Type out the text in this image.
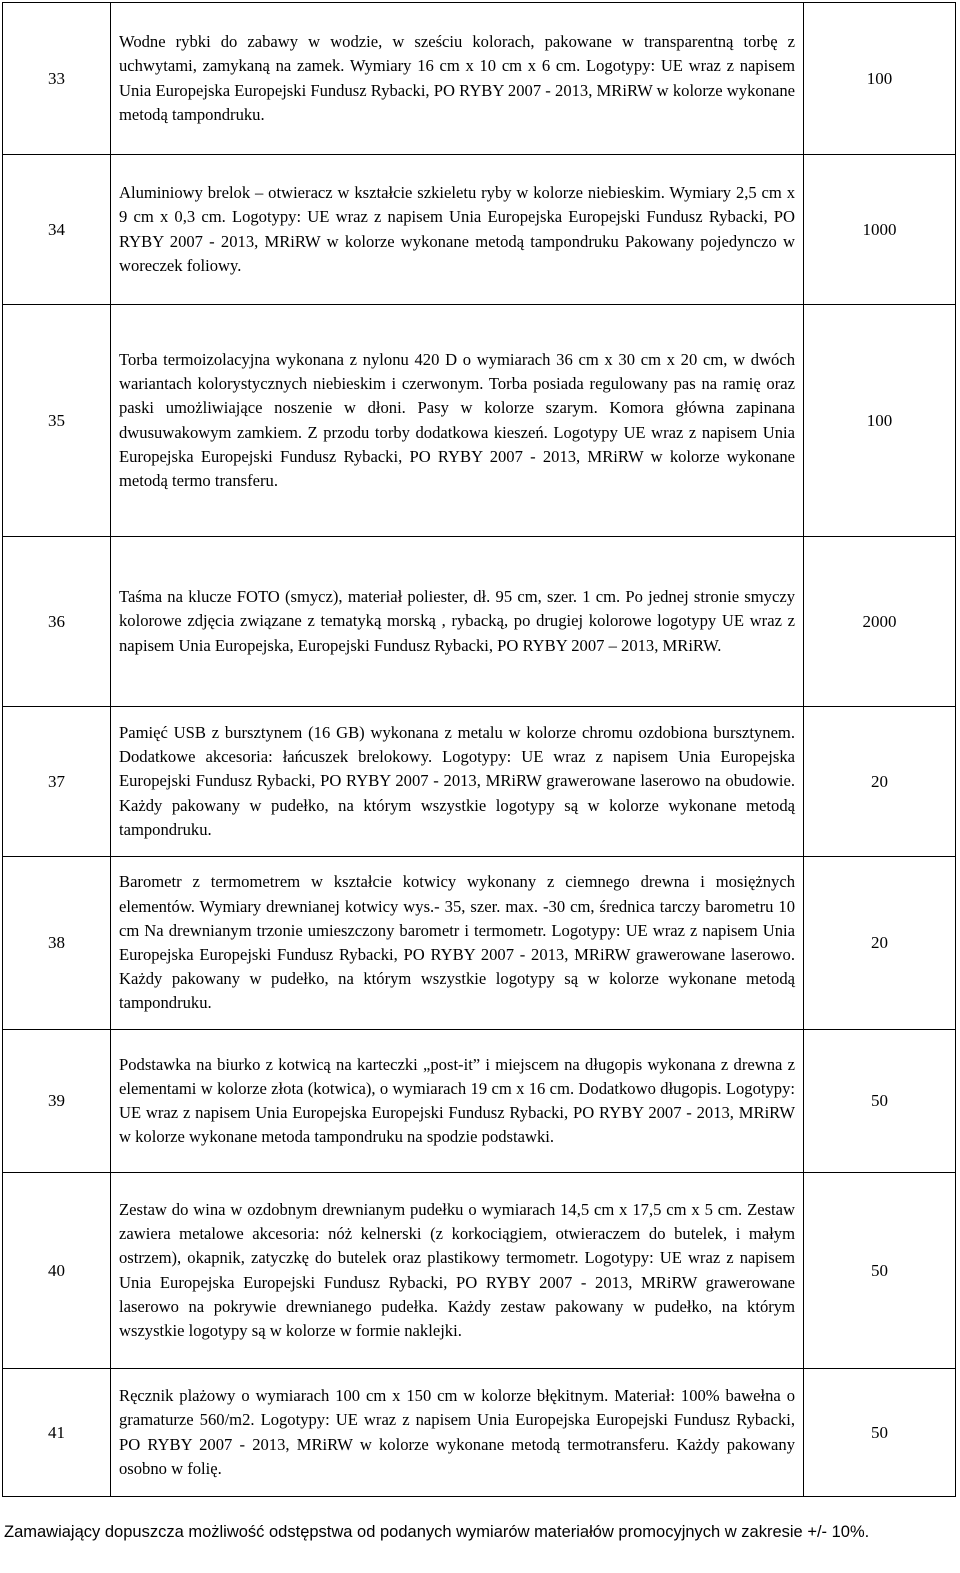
33	Wodne rybki do zabawy w wodzie, w sześciu kolorach, pakowane w transparentną torbę z uchwytami, zamykaną na zamek. Wymiary 16 cm x 10 cm x 6 cm. Logotypy: UE wraz z napisem Unia Europejska Europejski Fundusz Rybacki, PO RYBY 2007 - 2013, MRiRW w kolorze wykonane metodą tampondruku.	100
34	Aluminiowy brelok – otwieracz w kształcie szkieletu ryby w kolorze niebieskim. Wymiary 2,5 cm x 9 cm x 0,3 cm. Logotypy: UE wraz z napisem Unia Europejska Europejski Fundusz Rybacki, PO RYBY 2007 - 2013, MRiRW w kolorze wykonane metodą tampondruku Pakowany pojedynczo w woreczek foliowy.	1000
35	Torba termoizolacyjna wykonana z nylonu 420 D o wymiarach 36 cm x 30 cm x 20 cm, w dwóch wariantach kolorystycznych niebieskim i czerwonym. Torba posiada regulowany pas na ramię oraz paski umożliwiające noszenie w dłoni. Pasy w kolorze szarym. Komora główna zapinana dwusuwakowym zamkiem. Z przodu torby dodatkowa kieszeń. Logotypy UE wraz z napisem Unia Europejska Europejski Fundusz Rybacki, PO RYBY 2007 - 2013, MRiRW w kolorze wykonane metodą termo transferu.	100
36	Taśma na klucze FOTO (smycz), materiał poliester, dł. 95 cm, szer. 1 cm. Po jednej stronie smyczy kolorowe zdjęcia związane z tematyką morską , rybacką, po drugiej kolorowe logotypy UE wraz z napisem Unia Europejska, Europejski Fundusz Rybacki, PO RYBY 2007 – 2013, MRiRW.	2000
37	Pamięć USB z bursztynem (16 GB) wykonana z metalu w kolorze chromu ozdobiona bursztynem. Dodatkowe akcesoria: łańcuszek brelokowy. Logotypy: UE wraz z napisem Unia Europejska Europejski Fundusz Rybacki, PO RYBY 2007 - 2013, MRiRW grawerowane laserowo na obudowie. Każdy pakowany w pudełko, na którym wszystkie logotypy są w kolorze wykonane metodą tampondruku.	20
38	Barometr z termometrem w kształcie kotwicy wykonany z ciemnego drewna i mosiężnych elementów. Wymiary drewnianej kotwicy wys.- 35, szer. max. -30 cm, średnica tarczy barometru 10 cm Na drewnianym trzonie umieszczony barometr i termometr. Logotypy: UE wraz z napisem Unia Europejska Europejski Fundusz Rybacki, PO RYBY 2007 - 2013, MRiRW grawerowane laserowo. Każdy pakowany w pudełko, na którym wszystkie logotypy są w kolorze wykonane metodą tampondruku.	20
39	Podstawka na biurko z kotwicą na karteczki „post-it” i miejscem na długopis wykonana z drewna z elementami w kolorze złota (kotwica), o wymiarach 19 cm x 16 cm. Dodatkowo długopis. Logotypy: UE wraz z napisem Unia Europejska Europejski Fundusz Rybacki, PO RYBY 2007 - 2013, MRiRW w kolorze wykonane metoda tampondruku na spodzie podstawki.	50
40	Zestaw do wina w ozdobnym drewnianym pudełku o wymiarach 14,5 cm x 17,5 cm x 5 cm. Zestaw zawiera metalowe akcesoria: nóż kelnerski (z korkociągiem, otwieraczem do butelek, i małym ostrzem), okapnik, zatyczkę do butelek oraz plastikowy termometr. Logotypy: UE wraz z napisem Unia Europejska Europejski Fundusz Rybacki, PO RYBY 2007 - 2013, MRiRW grawerowane laserowo na pokrywie drewnianego pudełka. Każdy zestaw pakowany w pudełko, na którym wszystkie logotypy są w kolorze w formie naklejki.	50
41	Ręcznik plażowy o wymiarach 100 cm x 150 cm w kolorze błękitnym. Materiał: 100% bawełna o gramaturze 560/m2. Logotypy: UE wraz z napisem Unia Europejska Europejski Fundusz Rybacki, PO RYBY 2007 - 2013, MRiRW w kolorze wykonane metodą termotransferu. Każdy pakowany osobno w folię.	50
Zamawiający dopuszcza możliwość odstępstwa od podanych wymiarów materiałów promocyjnych w zakresie +/- 10%.
